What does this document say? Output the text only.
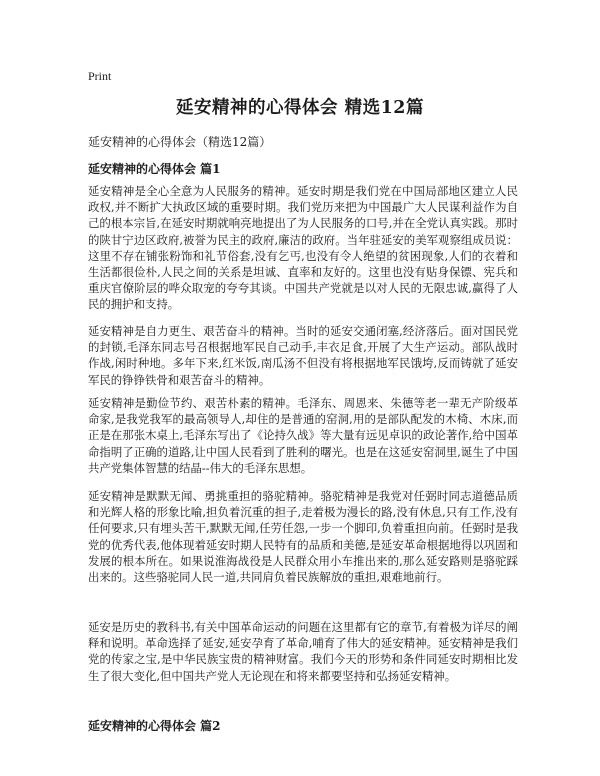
Print
延安精神的心得体会 精选12篇
延安精神的心得体会（精选12篇）
延安精神的心得体会 篇1

延安精神是全心全意为人民服务的精神。延安时期是我们党在中国局部地区建立人民政权,并不断扩大执政区域的重要时期。我们党历来把为中国最广大人民谋利益作为自己的根本宗旨,在延安时期就响亮地提出了为人民服务的口号,并在全党认真实践。那时的陕甘宁边区政府,被誉为民主的政府,廉洁的政府。当年驻延安的美军观察组成员说：这里不存在铺张粉饰和礼节俗套,没有乞丐,也没有令人绝望的贫困现象,人们的衣着和生活都很俭朴,人民之间的关系是坦诚、直率和友好的。这里也没有贴身保镖、宪兵和重庆官僚阶层的哗众取宠的夸夸其谈。中国共产党就是以对人民的无限忠诚,赢得了人民的拥护和支持。

延安精神是自力更生、艰苦奋斗的精神。当时的延安交通闭塞,经济落后。面对国民党的封锁,毛泽东同志号召根据地军民自己动手,丰衣足食,开展了大生产运动。部队战时作战,闲时种地。多年下来,红米饭,南瓜汤不但没有将根据地军民饿垮,反而铸就了延安军民的铮铮铁骨和艰苦奋斗的精神。

延安精神是勤俭节约、艰苦朴素的精神。毛泽东、周恩来、朱德等老一辈无产阶级革命家,是我党我军的最高领导人,却住的是普通的窑洞,用的是部队配发的木椅、木床,而正是在那张木桌上,毛泽东写出了《论持久战》等大量有远见卓识的政论著作,给中国革命指明了正确的道路,让中国人民看到了胜利的曙光。也是在这延安窑洞里,诞生了中国共产党集体智慧的结晶--伟大的毛泽东思想。

延安精神是默默无闻、勇挑重担的骆驼精神。骆驼精神是我党对任弼时同志道德品质和光辉人格的形象比喻,担负着沉重的担子,走着极为漫长的路,没有休息,只有工作,没有任何要求,只有埋头苦干,默默无闻,任劳任怨,一步一个脚印,负着重担向前。任弼时是我党的优秀代表,他体现着延安时期人民特有的品质和美德,是延安革命根据地得以巩固和发展的根本所在。如果说淮海战役是人民群众用小车推出来的,那么延安路则是骆驼踩出来的。这些骆驼同人民一道,共同肩负着民族解放的重担,艰难地前行。

延安是历史的教科书,有关中国革命运动的问题在这里都有它的章节,有着极为详尽的阐释和说明。革命选择了延安,延安孕育了革命,哺育了伟大的延安精神。延安精神是我们党的传家之宝,是中华民族宝贵的精神财富。我们今天的形势和条件同延安时期相比发生了很大变化,但中国共产党人无论现在和将来都要坚持和弘扬延安精神。

延安精神的心得体会 篇2
